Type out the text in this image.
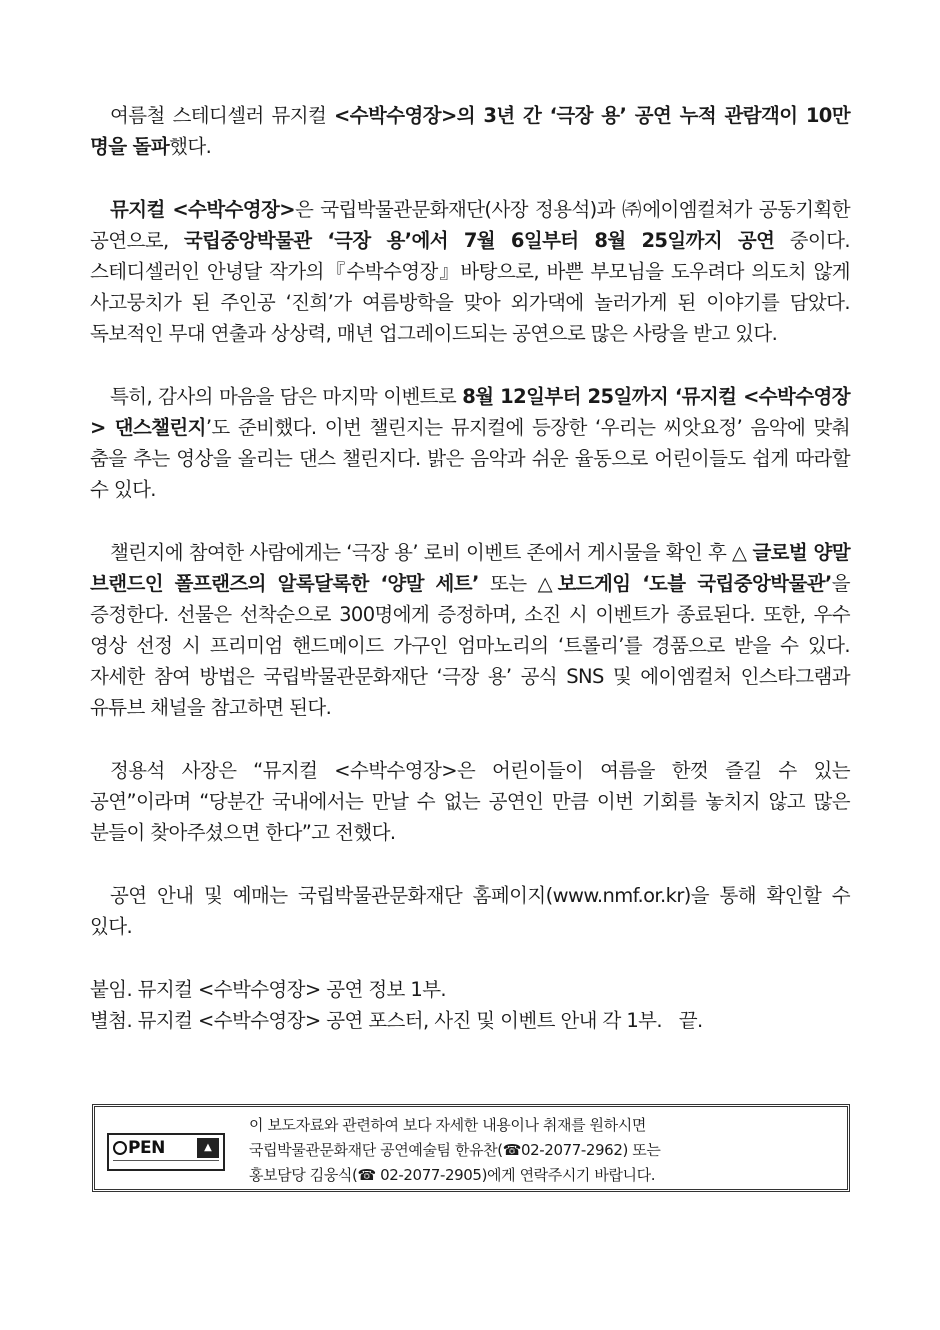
여름철 스테디셀러 뮤지컬 <수박수영장>의 3년 간 ‘극장 용’ 공연 누적 관람객이 10만 명을 돌파했다.

뮤지컬 <수박수영장>은 국립박물관문화재단(사장 정용석)과 ㈜에이엠컬쳐가 공동기획한 공연으로, 국립중앙박물관 ‘극장 용’에서 7월 6일부터 8월 25일까지 공연 중이다. 스테디셀러인 안녕달 작가의『수박수영장』바탕으로, 바쁜 부모님을 도우려다 의도치 않게 사고뭉치가 된 주인공 ‘진희’가 여름방학을 맞아 외가댁에 놀러가게 된 이야기를 담았다. 독보적인 무대 연출과 상상력, 매년 업그레이드되는 공연으로 많은 사랑을 받고 있다.

특히, 감사의 마음을 담은 마지막 이벤트로 8월 12일부터 25일까지 ‘뮤지컬 <수박수영장> 댄스챌린지’도 준비했다. 이번 챌린지는 뮤지컬에 등장한 ‘우리는 씨앗요정’ 음악에 맞춰 춤을 추는 영상을 올리는 댄스 챌린지다. 밝은 음악과 쉬운 율동으로 어린이들도 쉽게 따라할 수 있다.

챌린지에 참여한 사람에게는 ‘극장 용’ 로비 이벤트 존에서 게시물을 확인 후 △ 글로벌 양말 브랜드인 폴프랜즈의 알록달록한 ‘양말 세트’ 또는 △보드게임 ‘도블 국립중앙박물관’을 증정한다. 선물은 선착순으로 300명에게 증정하며, 소진 시 이벤트가 종료된다. 또한, 우수 영상 선정 시 프리미엄 핸드메이드 가구인 엄마노리의 ‘트롤리’를 경품으로 받을 수 있다. 자세한 참여 방법은 국립박물관문화재단 ‘극장 용’ 공식 SNS 및 에이엠컬처 인스타그램과 유튜브 채널을 참고하면 된다.

정용석 사장은 “뮤지컬 <수박수영장>은 어린이들이 여름을 한껏 즐길 수 있는 공연”이라며 “당분간 국내에서는 만날 수 없는 공연인 만큼 이번 기회를 놓치지 않고 많은 분들이 찾아주셨으면 한다”고 전했다.

공연 안내 및 예매는 국립박물관문화재단 홈페이지(www.nmf.or.kr)을 통해 확인할 수 있다.

붙임. 뮤지컬 <수박수영장> 공연 정보 1부.

별첨. 뮤지컬 <수박수영장> 공연 포스터, 사진 및 이벤트 안내 각 1부.   끝.

PEN	▲
이 보도자료와 관련하여 보다 자세한 내용이나 취재를 원하시면
국립박물관문화재단 공연예술팀 한유찬(☎02-2077-2962) 또는
홍보담당 김웅식(☎ 02-2077-2905)에게 연락주시기 바랍니다.
